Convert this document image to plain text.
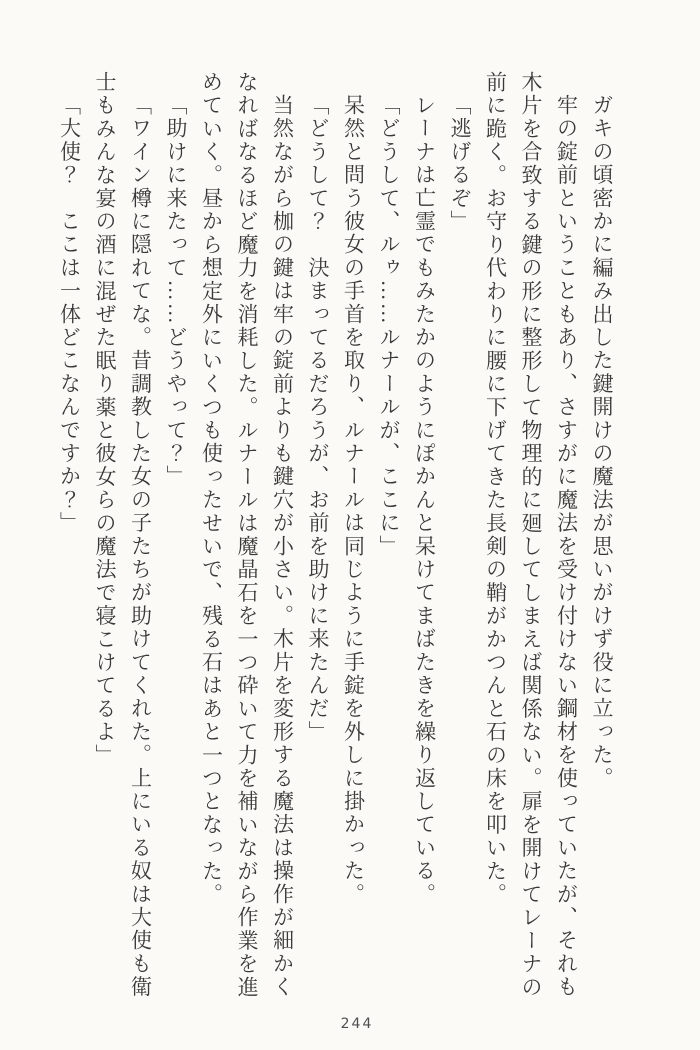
ガキの頃密かに編み出した鍵開けの魔法が思いがけず役に立った。

牢の錠前ということもあり、さすがに魔法を受け付けない鋼材を使っていたが、それも木片を合致する鍵の形に整形して物理的に廻してしまえば関係ない。扉を開けてレーナの前に跪く。お守り代わりに腰に下げてきた長剣の鞘がかつんと石の床を叩いた。

「逃げるぞ」

レーナは亡霊でもみたかのようにぽかんと呆けてまばたきを繰り返している。

「どうして、ルゥ……ルナールが、ここに」

呆然と問う彼女の手首を取り、ルナールは同じように手錠を外しに掛かった。

「どうして？　決まってるだろうが、お前を助けに来たんだ」

当然ながら枷の鍵は牢の錠前よりも鍵穴が小さい。木片を変形する魔法は操作が細かくなればなるほど魔力を消耗した。ルナールは魔晶石を一つ砕いて力を補いながら作業を進めていく。昼から想定外にいくつも使ったせいで、残る石はあと一つとなった。

「助けに来たって……どうやって？」

「ワイン樽に隠れてな。昔調教した女の子たちが助けてくれた。上にいる奴は大使も衛士もみんな宴の酒に混ぜた眠り薬と彼女らの魔法で寝こけてるよ」

「大使？　ここは一体どこなんですか？」

244
